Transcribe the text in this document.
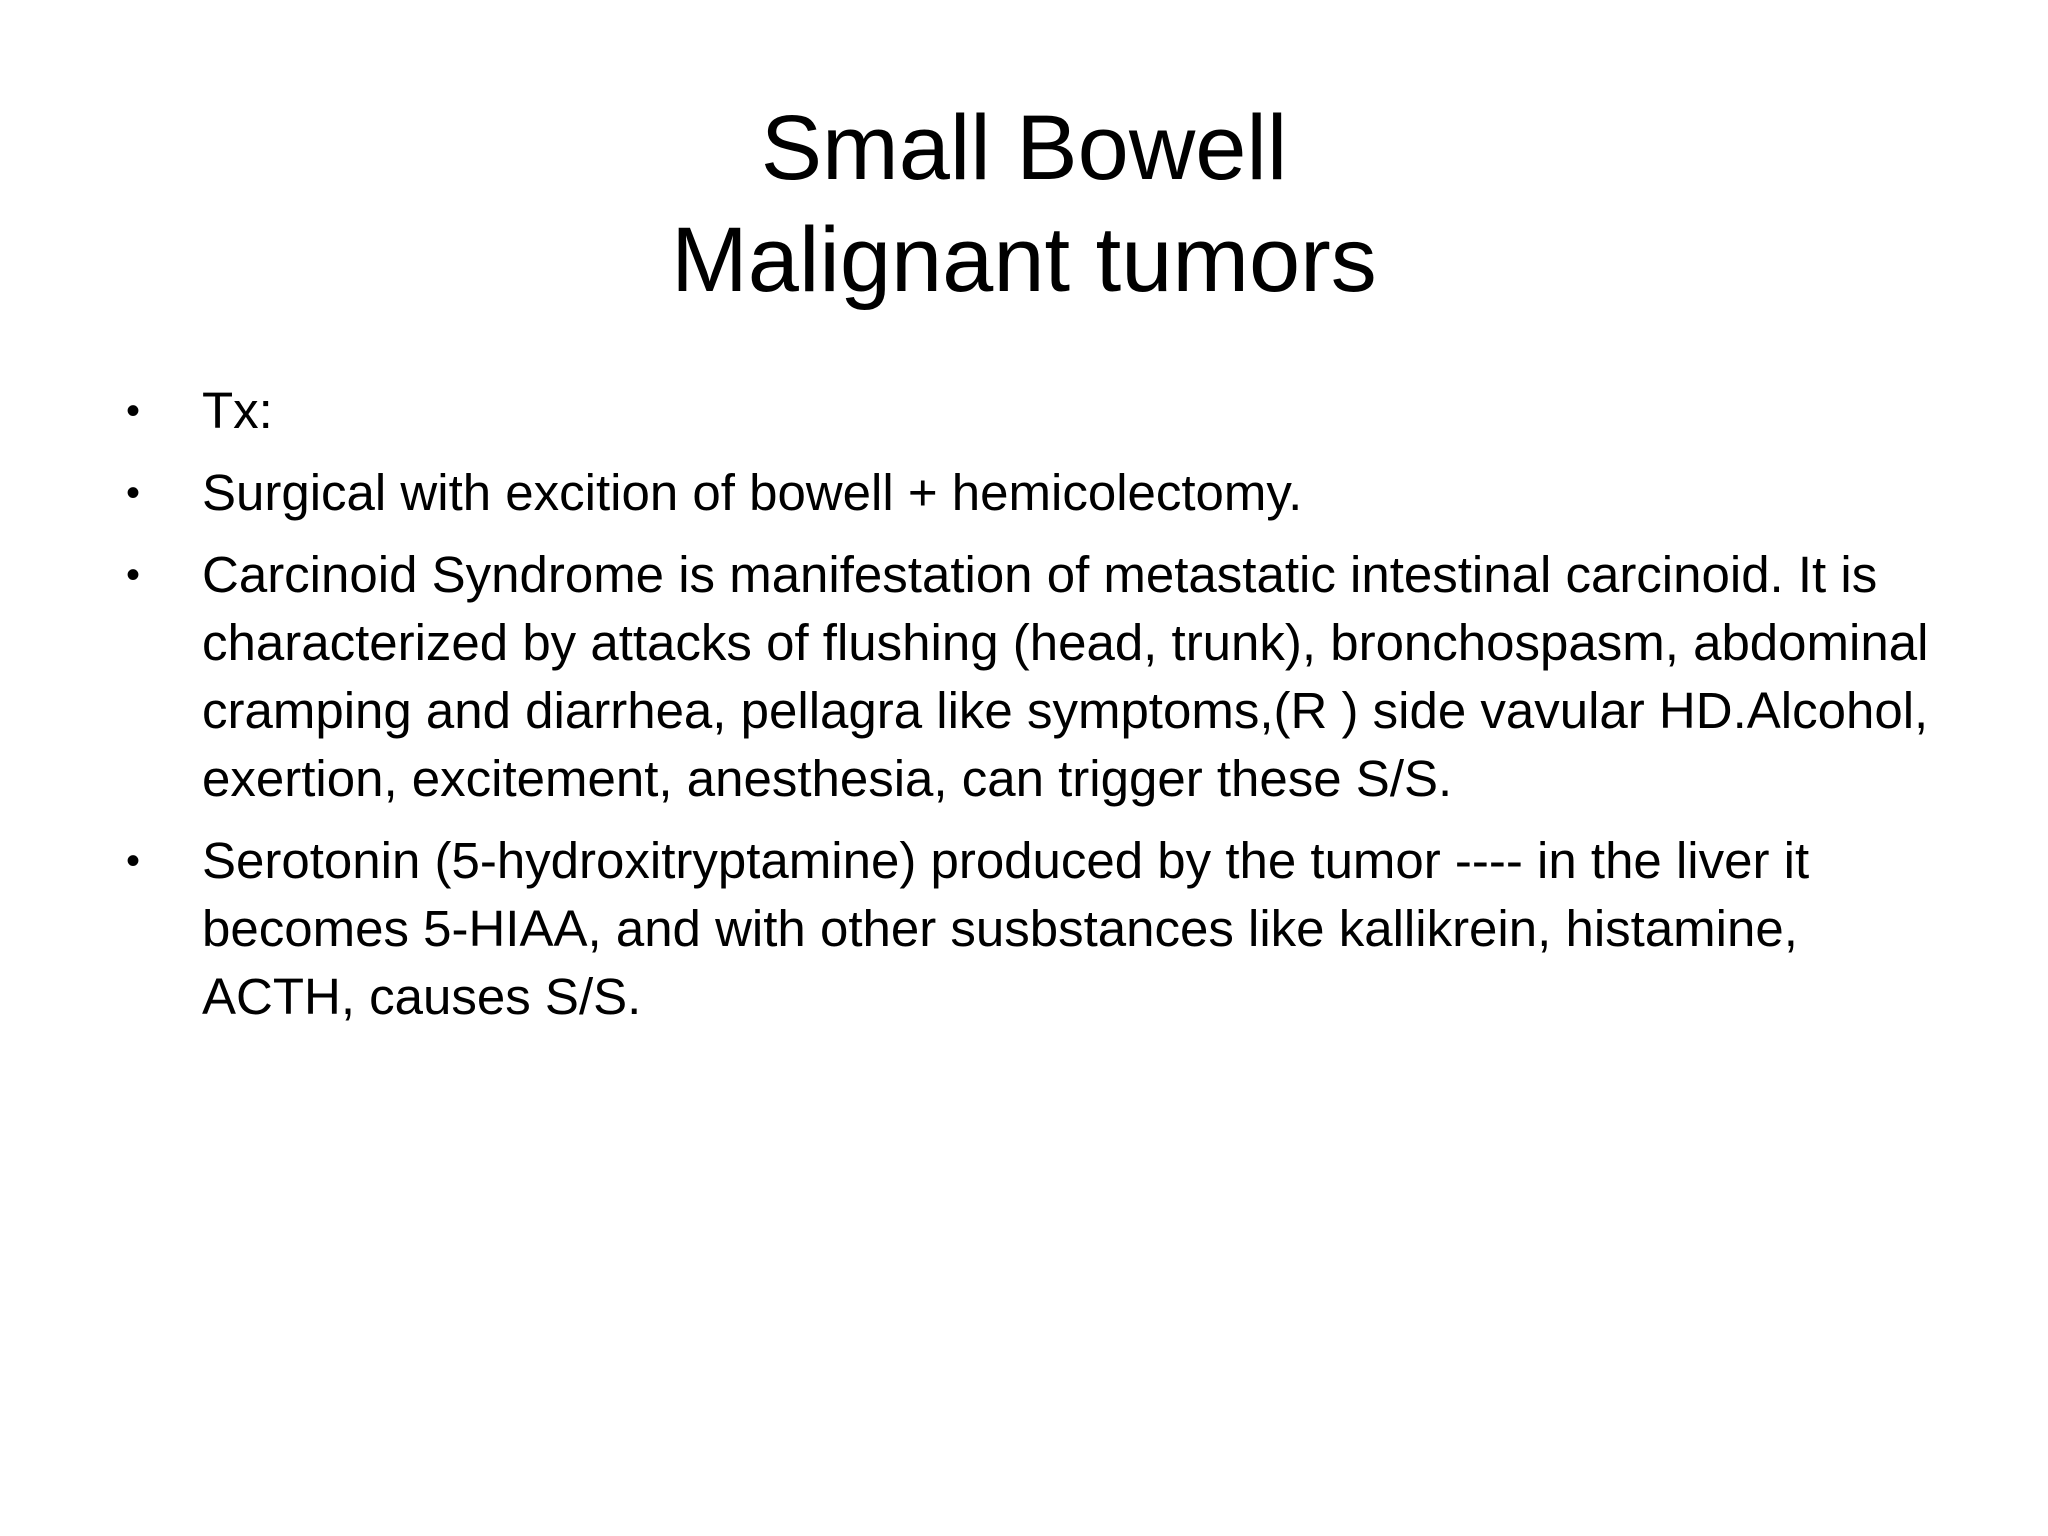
Small Bowell
Malignant tumors
• Tx:
• Surgical with excition of bowell + hemicolectomy.
• Carcinoid Syndrome is manifestation of metastatic intestinal carcinoid. It is characterized by attacks of flushing (head, trunk), bronchospasm, abdominal cramping and diarrhea, pellagra like symptoms,(R ) side vavular HD.Alcohol, exertion, excitement, anesthesia, can trigger these S/S.
• Serotonin (5-hydroxitryptamine) produced by the tumor ---- in the liver it becomes 5-HIAA, and with other susbstances like kallikrein, histamine, ACTH, causes S/S.
